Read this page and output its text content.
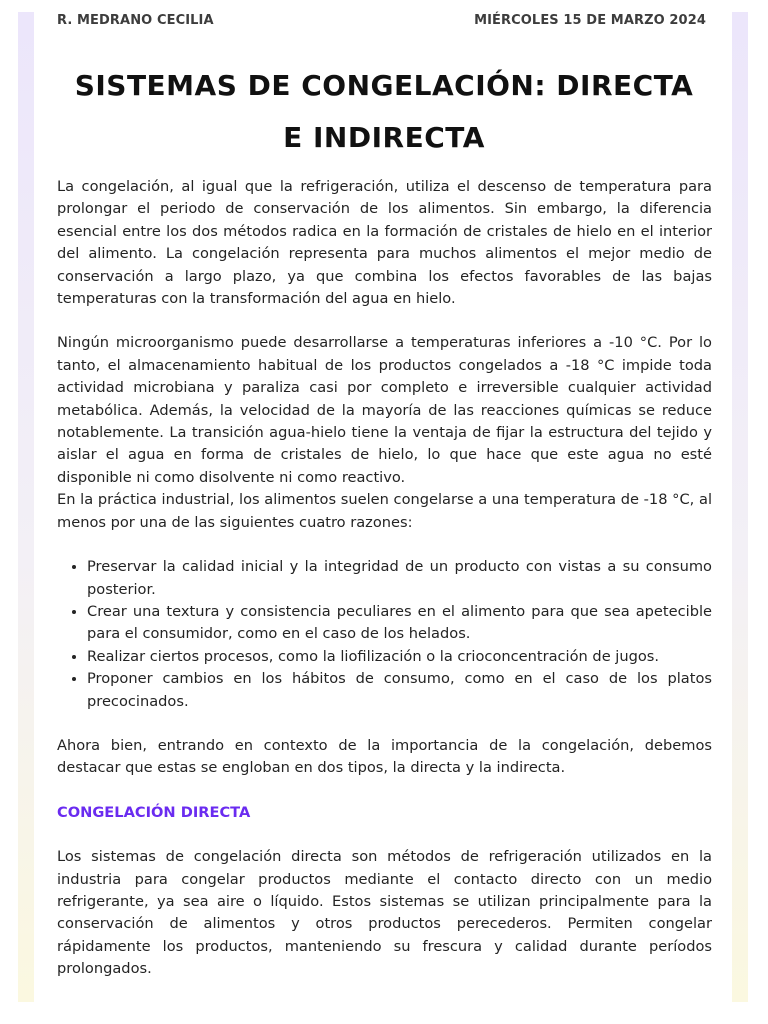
R. MEDRANO CECILIA	MIÉRCOLES 15 DE MARZO 2024
SISTEMAS DE CONGELACIÓN: DIRECTA E INDIRECTA

La congelación, al igual que la refrigeración, utiliza el descenso de temperatura para prolongar el periodo de conservación de los alimentos. Sin embargo, la diferencia esencial entre los dos métodos radica en la formación de cristales de hielo en el interior del alimento. La congelación representa para muchos alimentos el mejor medio de conservación a largo plazo, ya que combina los efectos favorables de las bajas temperaturas con la transformación del agua en hielo.

Ningún microorganismo puede desarrollarse a temperaturas inferiores a -10 °C. Por lo tanto, el almacenamiento habitual de los productos congelados a -18 °C impide toda actividad microbiana y paraliza casi por completo e irreversible cualquier actividad metabólica. Además, la velocidad de la mayoría de las reacciones químicas se reduce notablemente. La transición agua-hielo tiene la ventaja de fijar la estructura del tejido y aislar el agua en forma de cristales de hielo, lo que hace que este agua no esté disponible ni como disolvente ni como reactivo.

En la práctica industrial, los alimentos suelen congelarse a una temperatura de -18 °C, al menos por una de las siguientes cuatro razones:

• Preservar la calidad inicial y la integridad de un producto con vistas a su consumo posterior.
• Crear una textura y consistencia peculiares en el alimento para que sea apetecible para el consumidor, como en el caso de los helados.
• Realizar ciertos procesos, como la liofilización o la crioconcentración de jugos.
• Proponer cambios en los hábitos de consumo, como en el caso de los platos precocinados.

Ahora bien, entrando en contexto de la importancia de la congelación, debemos destacar que estas se engloban en dos tipos, la directa y la indirecta.

CONGELACIÓN DIRECTA

Los sistemas de congelación directa son métodos de refrigeración utilizados en la industria para congelar productos mediante el contacto directo con un medio refrigerante, ya sea aire o líquido. Estos sistemas se utilizan principalmente para la conservación de alimentos y otros productos perecederos. Permiten congelar rápidamente los productos, manteniendo su frescura y calidad durante períodos prolongados.
